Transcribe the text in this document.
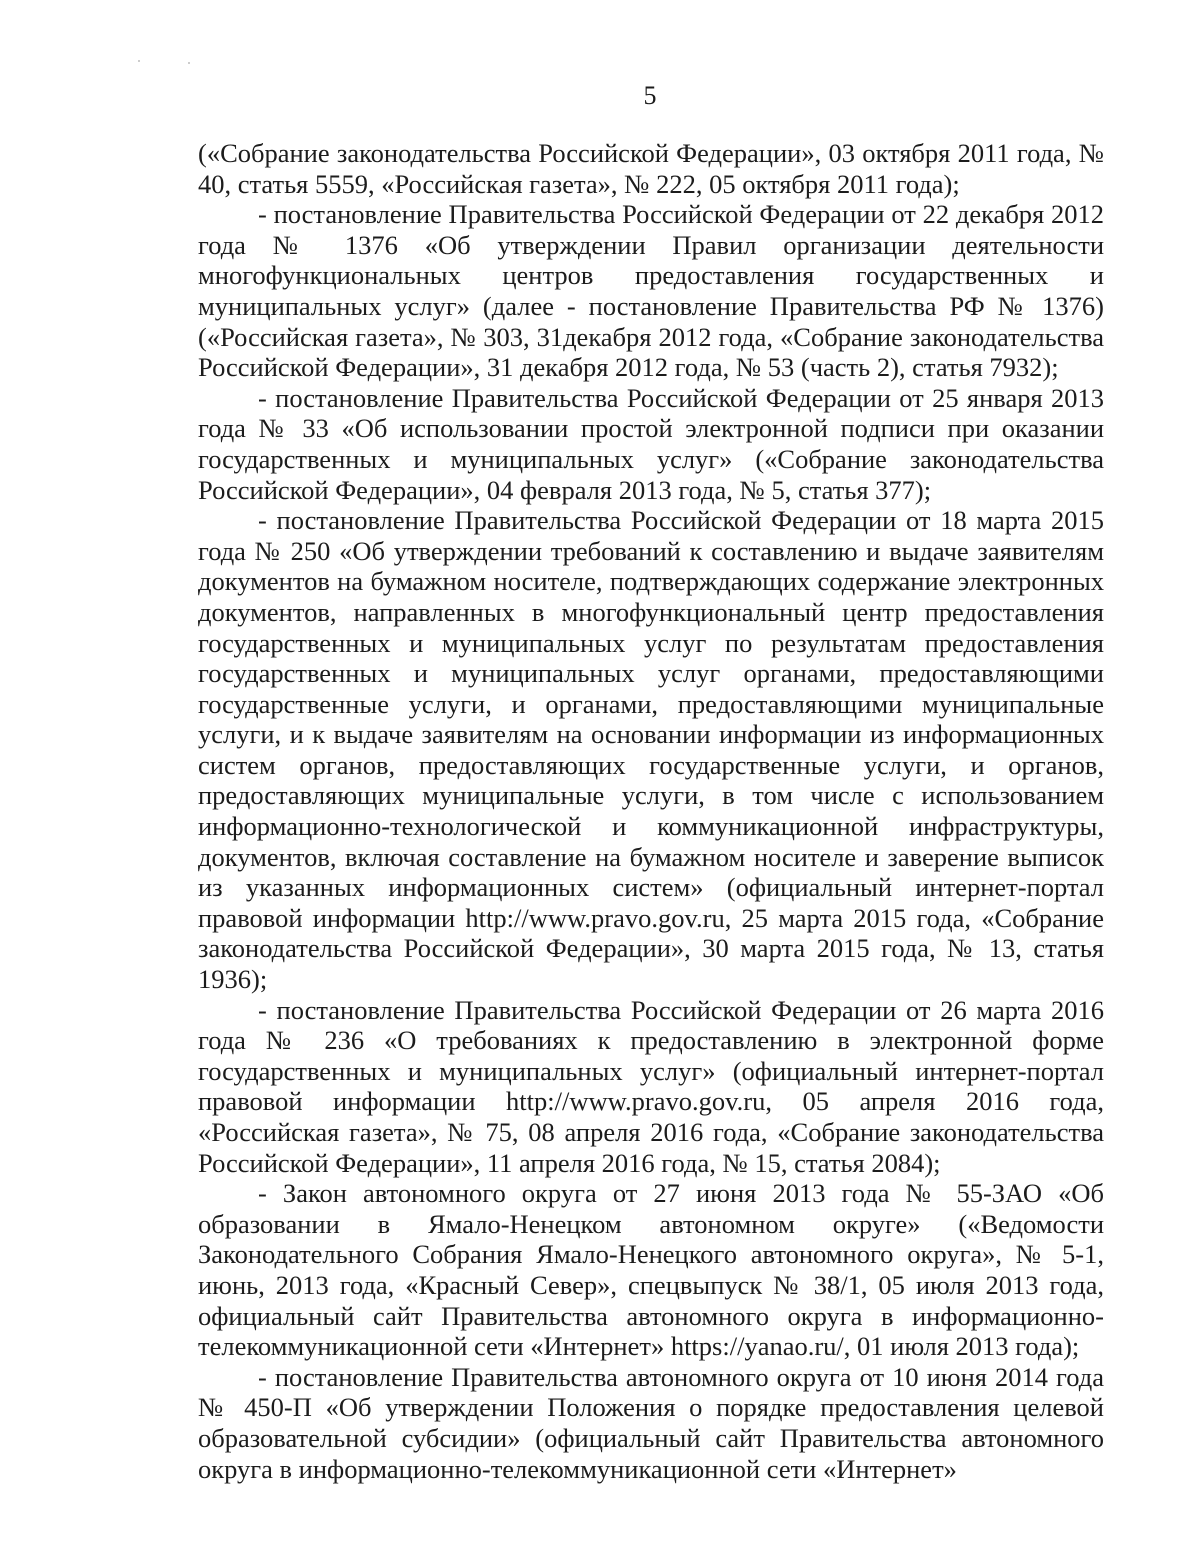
5

(«Собрание законодательства Российской Федерации», 03 октября 2011 года, № 40, статья 5559, «Российская газета», № 222, 05 октября 2011 года);

- постановление Правительства Российской Федерации от 22 декабря 2012 года № 1376 «Об утверждении Правил организации деятельности многофункциональных центров предоставления государственных и муниципальных услуг» (далее - постановление Правительства РФ № 1376) («Российская газета», № 303, 31декабря 2012 года, «Собрание законодательства Российской Федерации», 31 декабря 2012 года, № 53 (часть 2), статья 7932);

- постановление Правительства Российской Федерации от 25 января 2013 года № 33 «Об использовании простой электронной подписи при оказании государственных и муниципальных услуг» («Собрание законодательства Российской Федерации», 04 февраля 2013 года, № 5, статья 377);

- постановление Правительства Российской Федерации от 18 марта 2015 года № 250 «Об утверждении требований к составлению и выдаче заявителям документов на бумажном носителе, подтверждающих содержание электронных документов, направленных в многофункциональный центр предоставления государственных и муниципальных услуг по результатам предоставления государственных и муниципальных услуг органами, предоставляющими государственные услуги, и органами, предоставляющими муниципальные услуги, и к выдаче заявителям на основании информации из информационных систем органов, предоставляющих государственные услуги, и органов, предоставляющих муниципальные услуги, в том числе с использованием информационно-технологической и коммуникационной инфраструктуры, документов, включая составление на бумажном носителе и заверение выписок из указанных информационных систем» (официальный интернет-портал правовой информации http://www.pravo.gov.ru, 25 марта 2015 года, «Собрание законодательства Российской Федерации», 30 марта 2015 года, № 13, статья 1936);

- постановление Правительства Российской Федерации от 26 марта 2016 года № 236 «О требованиях к предоставлению в электронной форме государственных и муниципальных услуг» (официальный интернет-портал правовой информации http://www.pravo.gov.ru, 05 апреля 2016 года, «Российская газета», № 75, 08 апреля 2016 года, «Собрание законодательства Российской Федерации», 11 апреля 2016 года, № 15, статья 2084);

- Закон автономного округа от 27 июня 2013 года № 55-ЗАО «Об образовании в Ямало-Ненецком автономном округе» («Ведомости Законодательного Собрания Ямало-Ненецкого автономного округа», № 5-1, июнь, 2013 года, «Красный Север», спецвыпуск № 38/1, 05 июля 2013 года, официальный сайт Правительства автономного округа в информационно-телекоммуникационной сети «Интернет» https://yanao.ru/, 01 июля 2013 года);

- постановление Правительства автономного округа от 10 июня 2014 года № 450-П «Об утверждении Положения о порядке предоставления целевой образовательной субсидии» (официальный сайт Правительства автономного округа в информационно-телекоммуникационной сети «Интернет»
